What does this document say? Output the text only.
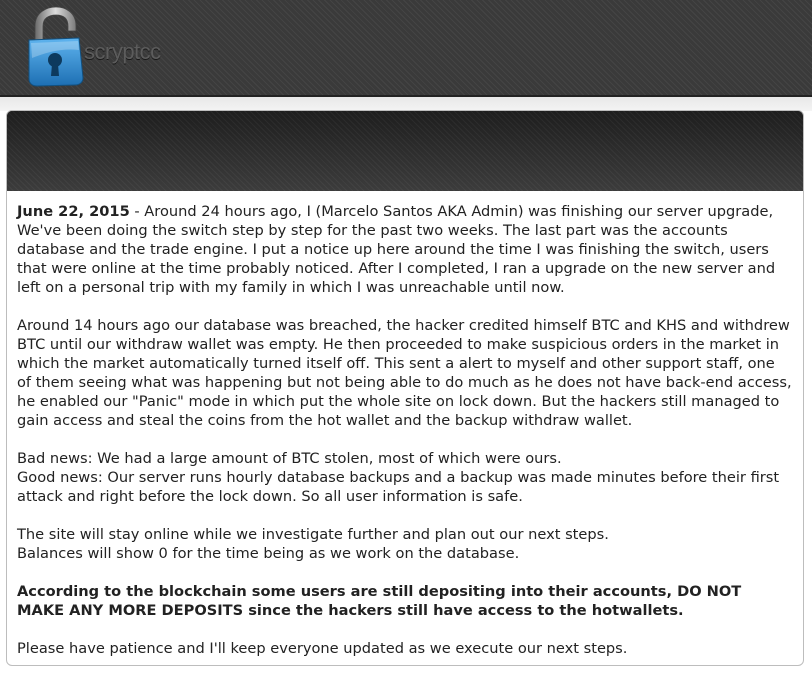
scryptcc

June 22, 2015 - Around 24 hours ago, I (Marcelo Santos AKA Admin) was finishing our server upgrade, We've been doing the switch step by step for the past two weeks. The last part was the accounts database and the trade engine. I put a notice up here around the time I was finishing the switch, users that were online at the time probably noticed. After I completed, I ran a upgrade on the new server and left on a personal trip with my family in which I was unreachable until now.

Around 14 hours ago our database was breached, the hacker credited himself BTC and KHS and withdrew BTC until our withdraw wallet was empty. He then proceeded to make suspicious orders in the market in which the market automatically turned itself off. This sent a alert to myself and other support staff, one of them seeing what was happening but not being able to do much as he does not have back-end access, he enabled our "Panic" mode in which put the whole site on lock down. But the hackers still managed to gain access and steal the coins from the hot wallet and the backup withdraw wallet.

Bad news: We had a large amount of BTC stolen, most of which were ours.
Good news: Our server runs hourly database backups and a backup was made minutes before their first attack and right before the lock down. So all user information is safe.

The site will stay online while we investigate further and plan out our next steps.
Balances will show 0 for the time being as we work on the database.

According to the blockchain some users are still depositing into their accounts, DO NOT MAKE ANY MORE DEPOSITS since the hackers still have access to the hotwallets.

Please have patience and I'll keep everyone updated as we execute our next steps.
